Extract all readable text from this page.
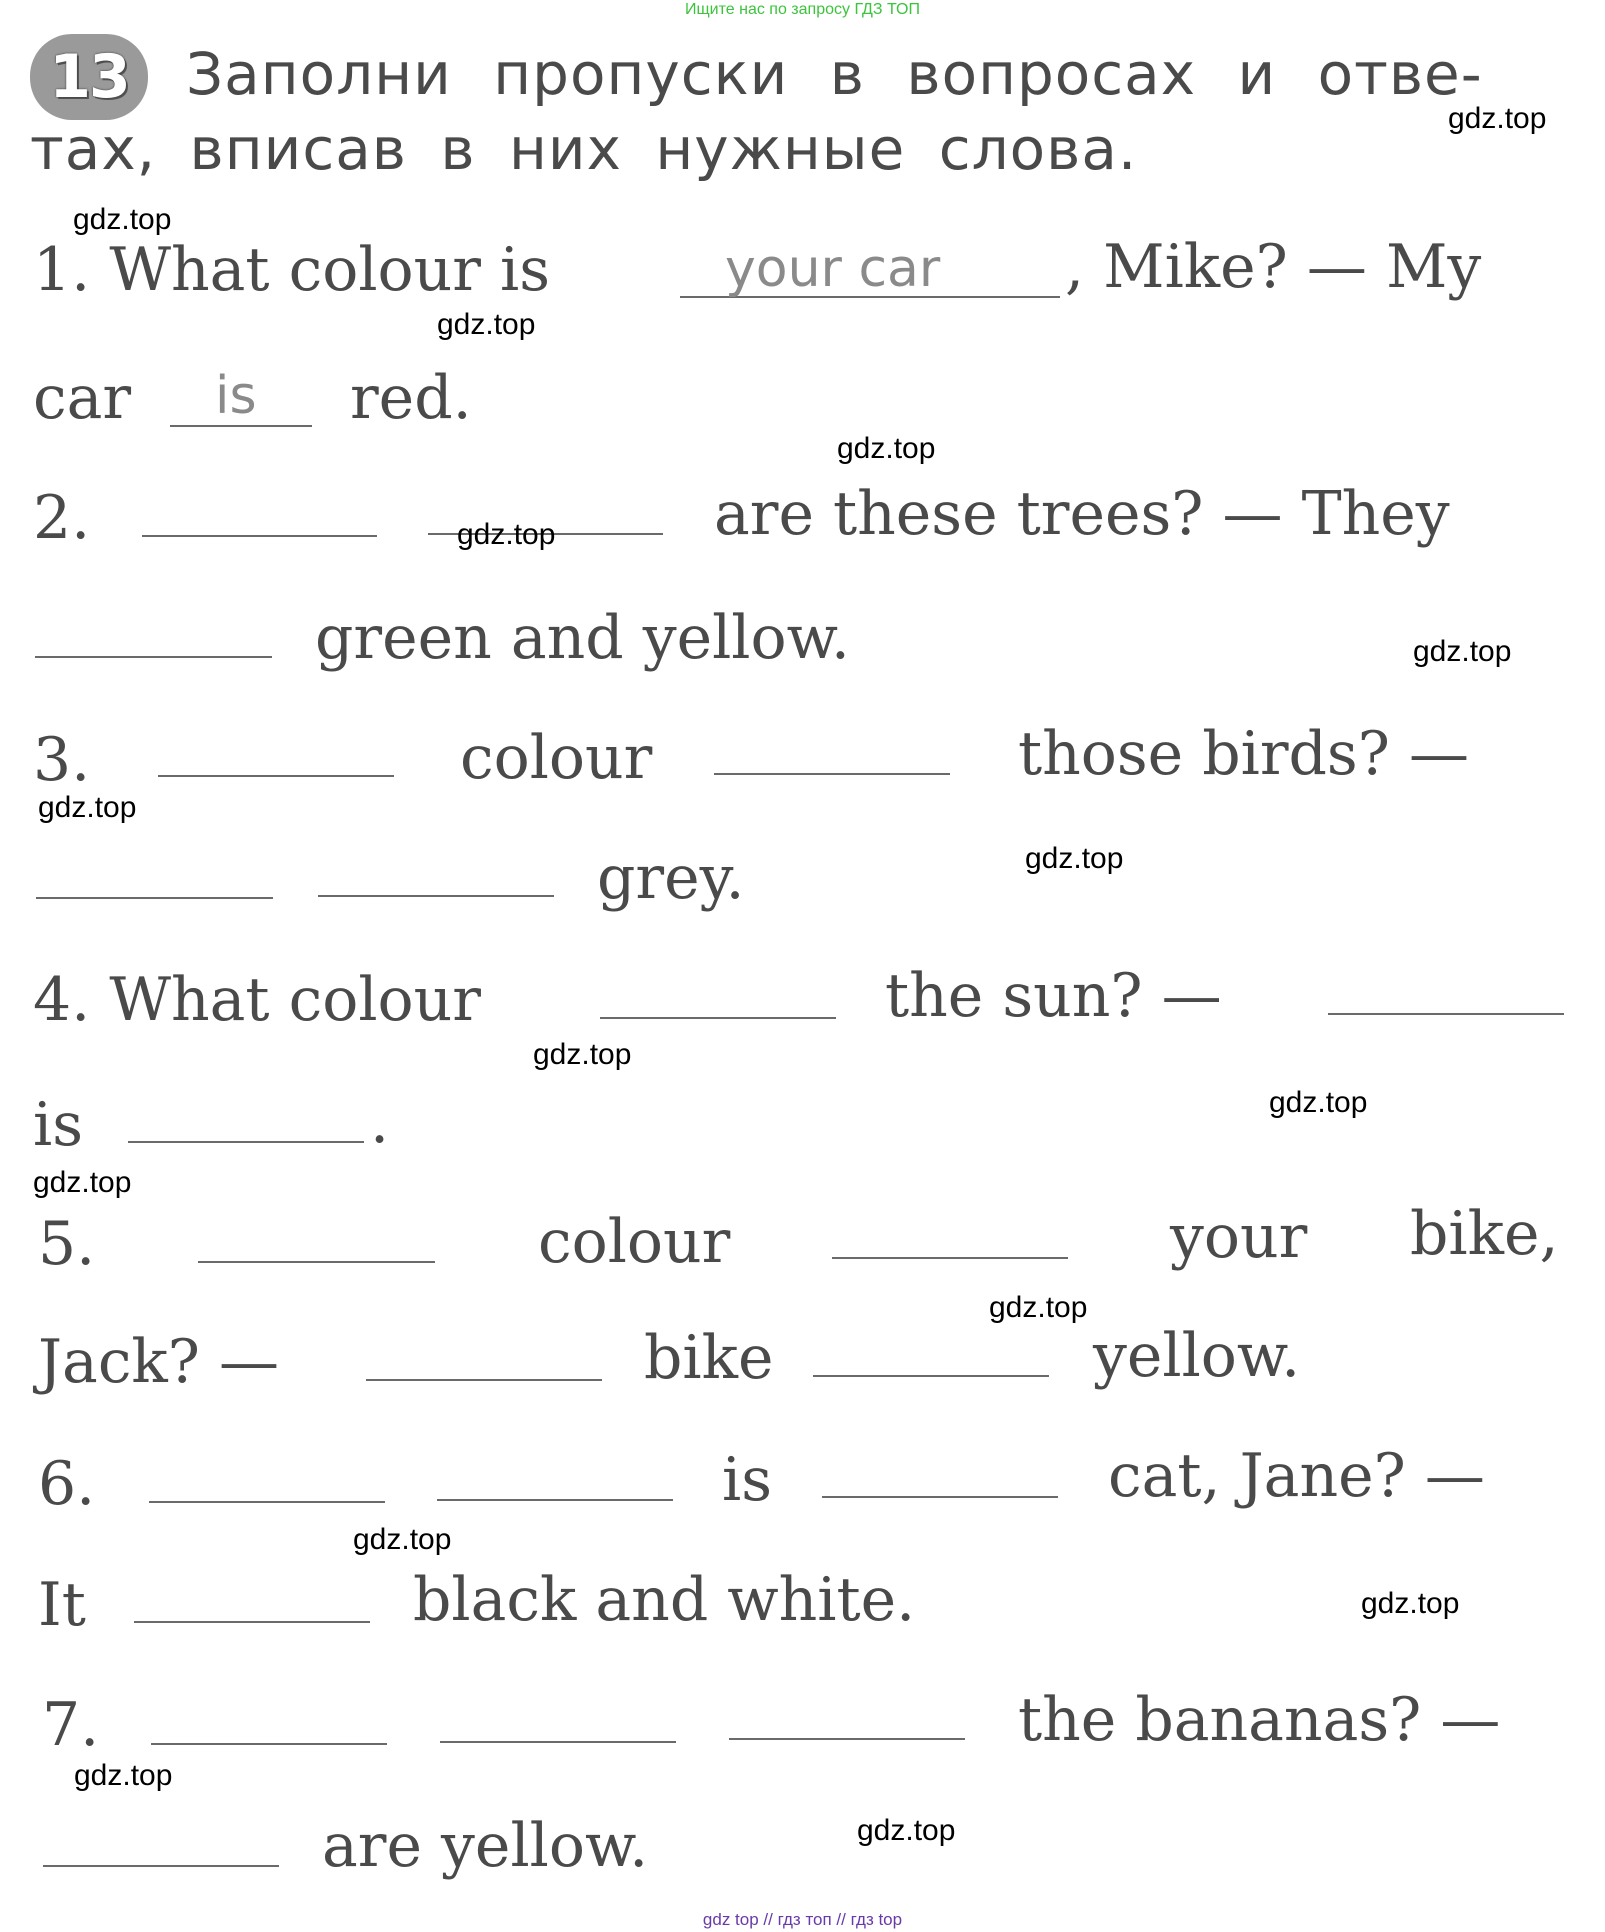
Ищите нас по запросу ГДЗ ТОП
13 Заполни пропуски в вопросах и отве-
тах, вписав в них нужные слова.
1. What colour is	your car , Mike? — My
car is red.
2.	are these trees? — They
green and yellow.
3.	colour	those birds? —
grey.
4. What colour	the sun? —
is	.
5.	colour	your bike,
Jack? —	bike	yellow.
6.	is	cat, Jane? —
It	black and white.
7.	the bananas? —
are yellow.
gdz.top
gdz.top
gdz.top
gdz.top
gdz.top
gdz.top
gdz.top
gdz.top
gdz.top
gdz.top
gdz.top
gdz.top
gdz.top
gdz.top
gdz.top
gdz.top
gdz top // гдз топ // гдз top
